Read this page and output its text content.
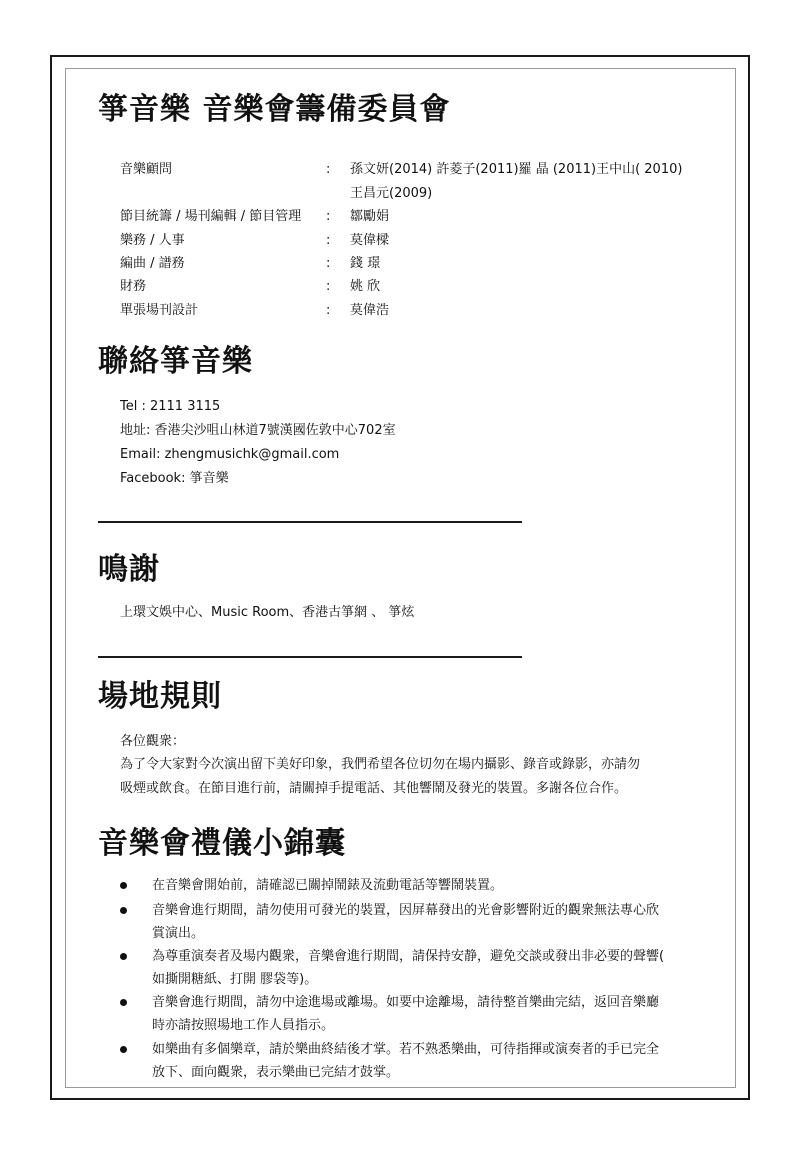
箏音樂 音樂會籌備委員會
音樂顧問	: 孫文妍(2014) 許菱子(2011)羅 晶 (2011)王中山( 2010)
王昌元(2009)
節目統籌 / 場刊編輯 / 節目管理 : 鄒勵娟
樂務 / 人事	: 莫偉樑
編曲 / 譜務	: 錢 璟
財務	: 姚 欣
單張場刊設計	: 莫偉浩
聯絡箏音樂
Tel : 2111 3115
地址: 香港尖沙咀山林道7號漢國佐敦中心702室
Email: zhengmusichk@gmail.com
Facebook: 箏音樂
鳴謝
上環文娛中心、Music Room、香港古箏網 、 箏炫
場地規則
各位觀衆：
為了令大家對今次演出留下美好印象，我們希望各位切勿在場内攝影、錄音或錄影，亦請勿
吸煙或飲食。在節目進行前，請關掉手提電話、其他響鬧及發光的裝置。多謝各位合作。
音樂會禮儀小錦囊
在音樂會開始前，請確認已關掉鬧錶及流動電話等響鬧裝置。
音樂會進行期間，請勿使用可發光的裝置，因屏幕發出的光會影響附近的觀衆無法專心欣
賞演出。
為尊重演奏者及場内觀衆，音樂會進行期間，請保持安静，避免交談或發出非必要的聲響(
如撕開糖紙、打開 膠袋等)。
音樂會進行期間，請勿中途進場或離場。如要中途離場，請待整首樂曲完結，返回音樂廳
時亦請按照場地工作人員指示。
如樂曲有多個樂章，請於樂曲終結後才掌。若不熟悉樂曲，可待指揮或演奏者的手已完全
放下、面向觀衆，表示樂曲已完結才鼓掌。
